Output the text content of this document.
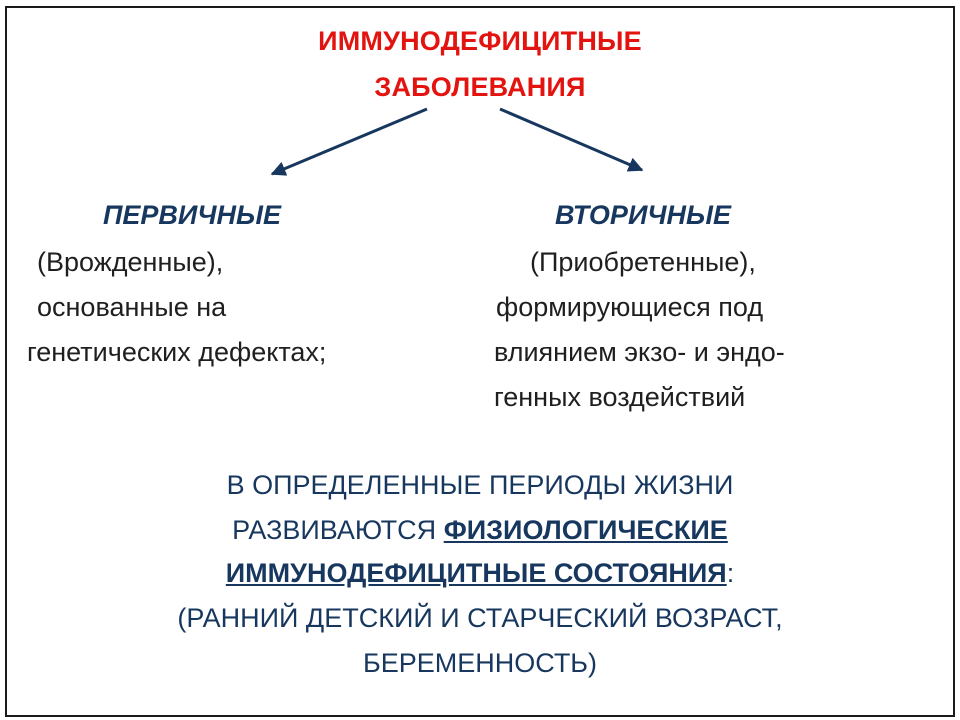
ИММУНОДЕФИЦИТНЫЕ
ЗАБОЛЕВАНИЯ
ПЕРВИЧНЫЕ	ВТОРИЧНЫЕ
(Врожденные),
основанные на
генетических дефектах;
(Приобретенные),
формирующиеся под
влиянием экзо- и эндо-
генных воздействий
В ОПРЕДЕЛЕННЫЕ ПЕРИОДЫ ЖИЗНИ
РАЗВИВАЮТСЯ ФИЗИОЛОГИЧЕСКИЕ
ИММУНОДЕФИЦИТНЫЕ СОСТОЯНИЯ:
(РАННИЙ ДЕТСКИЙ И СТАРЧЕСКИЙ ВОЗРАСТ,
БЕРЕМЕННОСТЬ)
